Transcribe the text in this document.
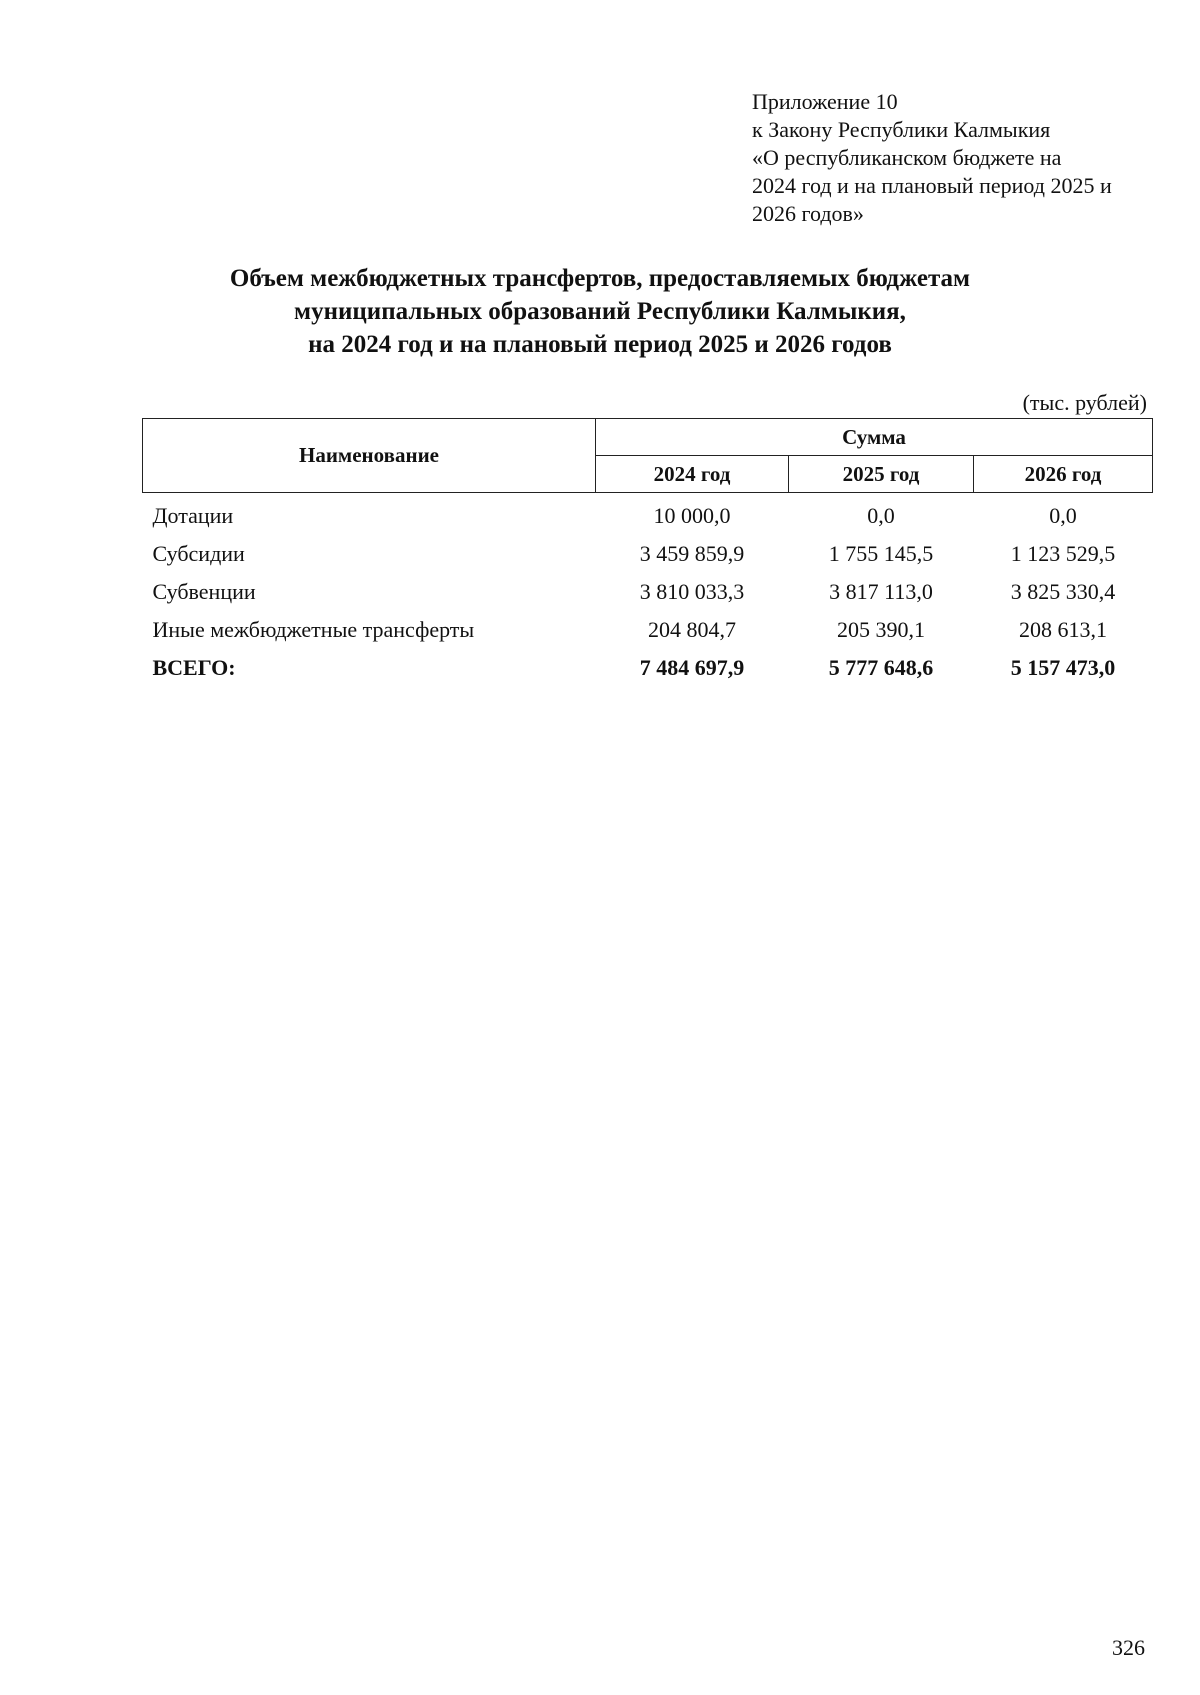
Приложение 10
к Закону Республики Калмыкия
«О республиканском бюджете на
2024 год и на плановый период 2025 и
2026 годов»
Объем межбюджетных трансфертов, предоставляемых бюджетам
муниципальных образований Республики Калмыкия,
на 2024 год и на плановый период 2025 и 2026 годов
(тыс. рублей)
Наименование	Сумма		
	2024 год	2025 год	2026 год
Дотации	10 000,0	0,0	0,0
Субсидии	3 459 859,9	1 755 145,5	1 123 529,5
Субвенции	3 810 033,3	3 817 113,0	3 825 330,4
Иные межбюджетные трансферты	204 804,7	205 390,1	208 613,1
ВСЕГО:	7 484 697,9	5 777 648,6	5 157 473,0
326
